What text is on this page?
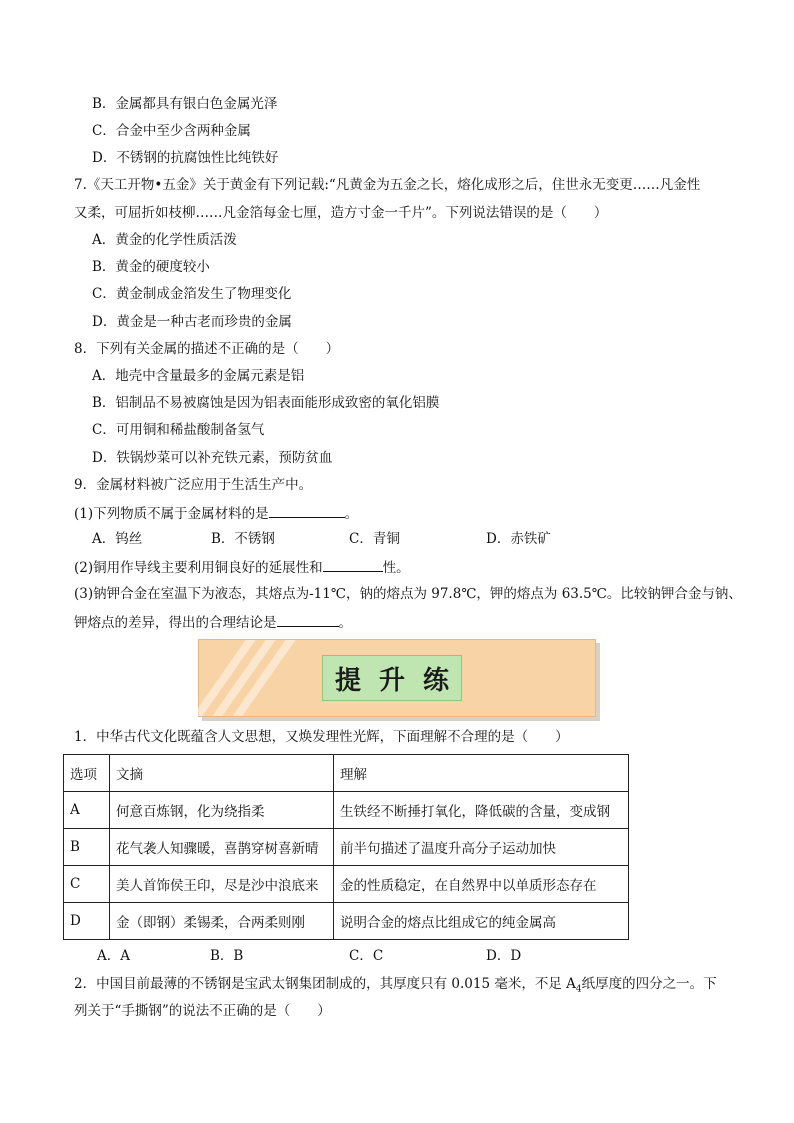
B．金属都具有银白色金属光泽
C．合金中至少含两种金属
D．不锈钢的抗腐蚀性比纯铁好
7.《天工开物•五金》关于黄金有下列记载:“凡黄金为五金之长，熔化成形之后，住世永无变更……凡金性
又柔，可屈折如枝柳……凡金箔每金七厘，造方寸金一千片”。下列说法错误的是（　　）
A．黄金的化学性质活泼
B．黄金的硬度较小
C．黄金制成金箔发生了物理变化
D．黄金是一种古老而珍贵的金属
8．下列有关金属的描述不正确的是（　　）
A．地壳中含量最多的金属元素是铝
B．铝制品不易被腐蚀是因为铝表面能形成致密的氧化铝膜
C．可用铜和稀盐酸制备氢气
D．铁锅炒菜可以补充铁元素，预防贫血
9．金属材料被广泛应用于生活生产中。
(1)下列物质不属于金属材料的是	。
A．钨丝	B．不锈钢	C．青铜	D．赤铁矿
(2)铜用作导线主要利用铜良好的延展性和	性。
(3)钠钾合金在室温下为液态，其熔点为-11℃，钠的熔点为 97.8℃，钾的熔点为 63.5℃。比较钠钾合金与钠、
钾熔点的差异，得出的合理结论是	。
提 升 练
1．中华古代文化既蕴含人文思想，又焕发理性光辉，下面理解不合理的是（　　）
选项	文摘	理解
A	何意百炼钢，化为绕指柔	生铁经不断捶打氧化，降低碳的含量，变成钢
B	花气袭人知骤暖，喜鹊穿树喜新晴	前半句描述了温度升高分子运动加快
C	美人首饰侯王印，尽是沙中浪底来	金的性质稳定，在自然界中以单质形态存在
D	金（即钢）柔锡柔，合两柔则刚	说明合金的熔点比组成它的纯金属高
A．A	B．B	C．C	D．D
2．中国目前最薄的不锈钢是宝武太钢集团制成的，其厚度只有 0.015 毫米，不足 $A_4$纸厚度的四分之一。下
列关于“手撕钢”的说法不正确的是（　　）
